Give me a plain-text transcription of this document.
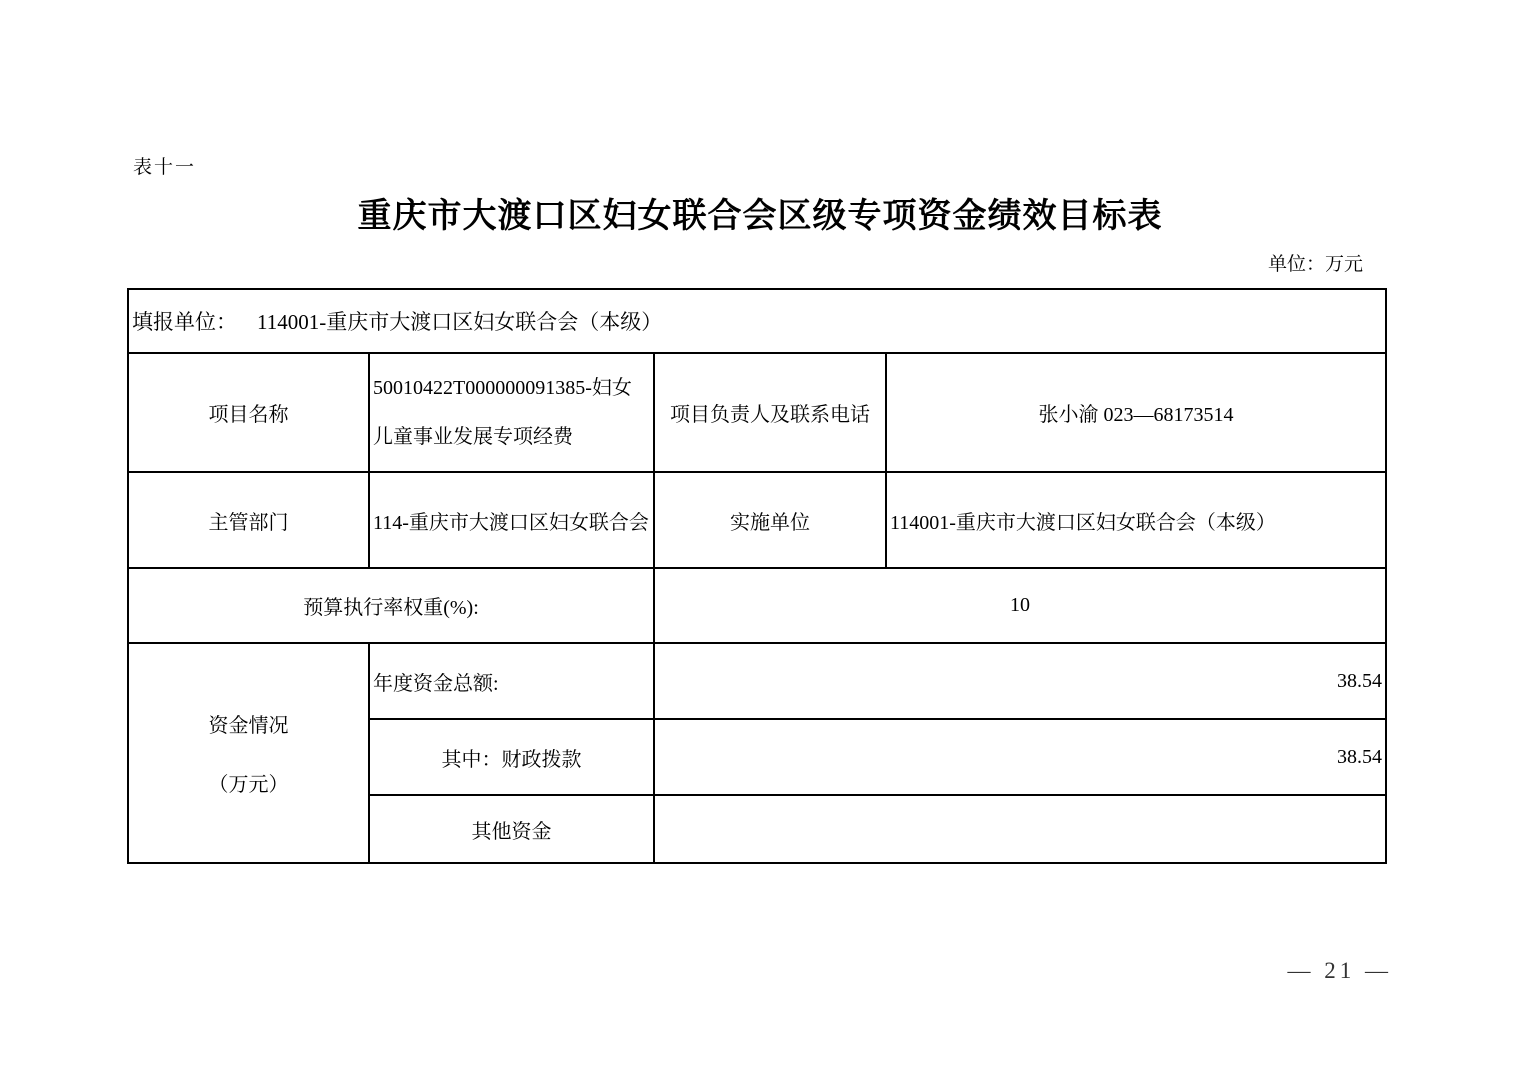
表十一
重庆市大渡口区妇女联合会区级专项资金绩效目标表
单位：万元
填报单位： 114001-重庆市大渡口区妇女联合会（本级）			
项目名称	50010422T000000091385-妇女儿童事业发展专项经费	项目负责人及联系电话	张小渝 023—68173514
主管部门	114-重庆市大渡口区妇女联合会	实施单位	114001-重庆市大渡口区妇女联合会（本级）
预算执行率权重(%):		10	

资金情况
（万元）	年度资金总额:	38.54	
	其中：财政拨款	38.54	
	其他资金		
— 21 —
